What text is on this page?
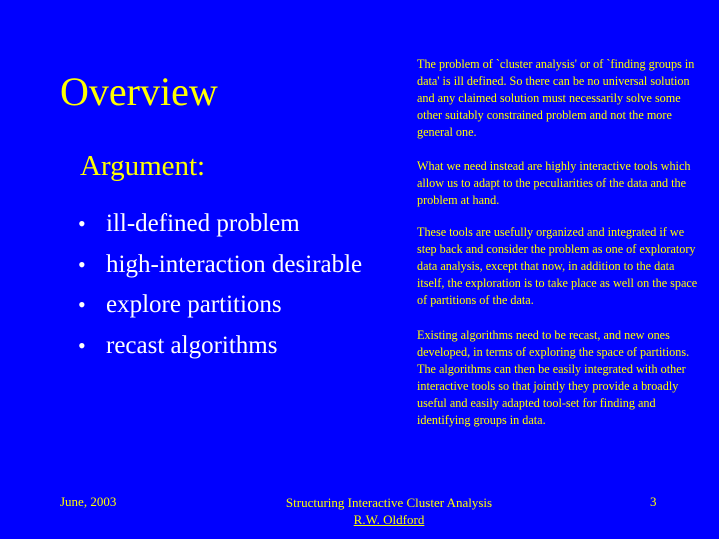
Overview
Argument:
• ill-defined problem
• high-interaction desirable
• explore partitions
• recast algorithms

The problem of `cluster analysis' or of `finding groups in data' is ill defined. So there can be no universal solution and any claimed solution must necessarily solve some other suitably constrained problem and not the more general one.

What we need instead are highly interactive tools which allow us to adapt to the peculiarities of the data and the problem at hand.

These tools are usefully organized and integrated if we step back and consider the problem as one of exploratory data analysis, except that now, in addition to the data itself, the exploration is to take place as well on the space of partitions of the data.

Existing algorithms need to be recast, and new ones developed, in terms of exploring the space of partitions. The algorithms can then be easily integrated with other interactive tools so that jointly they provide a broadly useful and easily adapted tool-set for finding and identifying groups in data.

June, 2003	Structuring Interactive Cluster Analysis
R.W. Oldford
3
